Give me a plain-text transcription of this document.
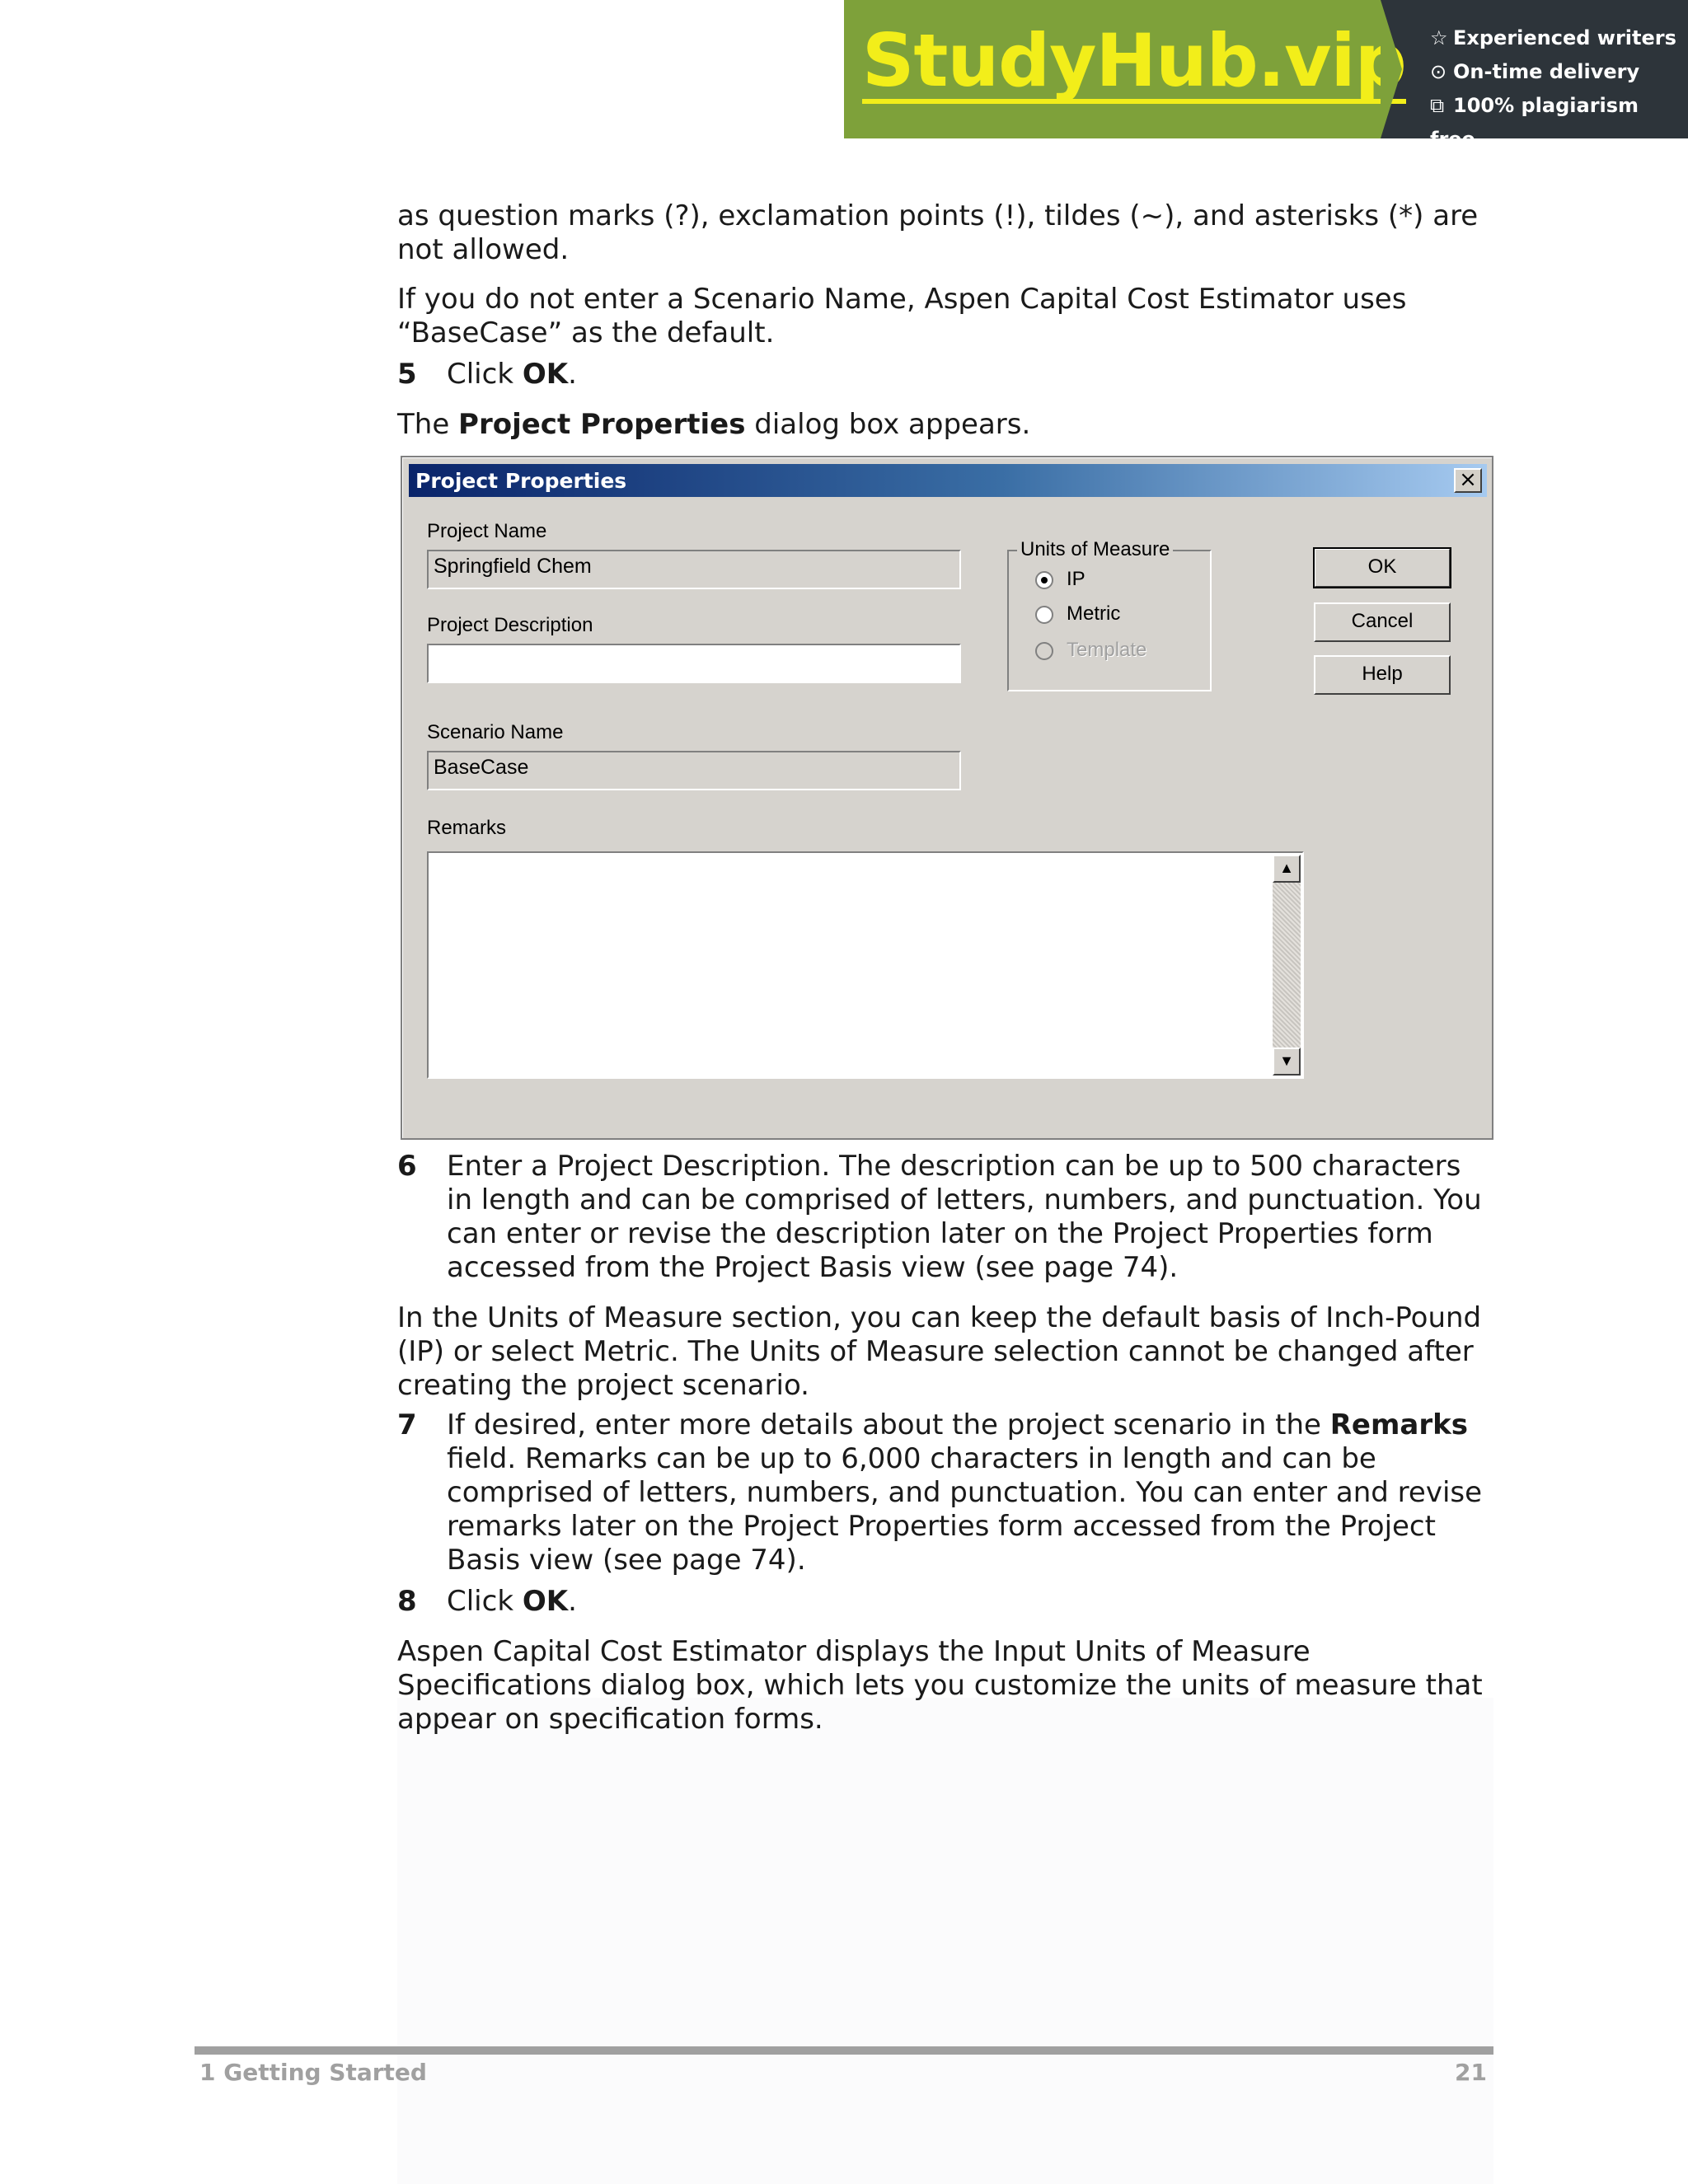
StudyHub.vip ☆ Experienced writers
⊙ On-time delivery
⧉ 100% plagiarism free
as question marks (?), exclamation points (!), tildes (~), and asterisks (*) are not allowed.
If you do not enter a Scenario Name, Aspen Capital Cost Estimator uses “BaseCase” as the default.
5 Click OK.
The Project Properties dialog box appears.
Project Properties	×
Project Name
Springfield Chem
Project Description
Scenario Name
BaseCase
Remarks
▲
▼
Units of Measure
IP
Metric
Template
OK
Cancel
Help
6 Enter a Project Description. The description can be up to 500 characters in length and can be comprised of letters, numbers, and punctuation. You can enter or revise the description later on the Project Properties form accessed from the Project Basis view (see page 74).
In the Units of Measure section, you can keep the default basis of Inch-Pound (IP) or select Metric. The Units of Measure selection cannot be changed after creating the project scenario.
7 If desired, enter more details about the project scenario in the Remarks field. Remarks can be up to 6,000 characters in length and can be comprised of letters, numbers, and punctuation. You can enter and revise remarks later on the Project Properties form accessed from the Project Basis view (see page 74).
8 Click OK.
Aspen Capital Cost Estimator displays the Input Units of Measure Specifications dialog box, which lets you customize the units of measure that appear on specification forms.
1 Getting Started	21
